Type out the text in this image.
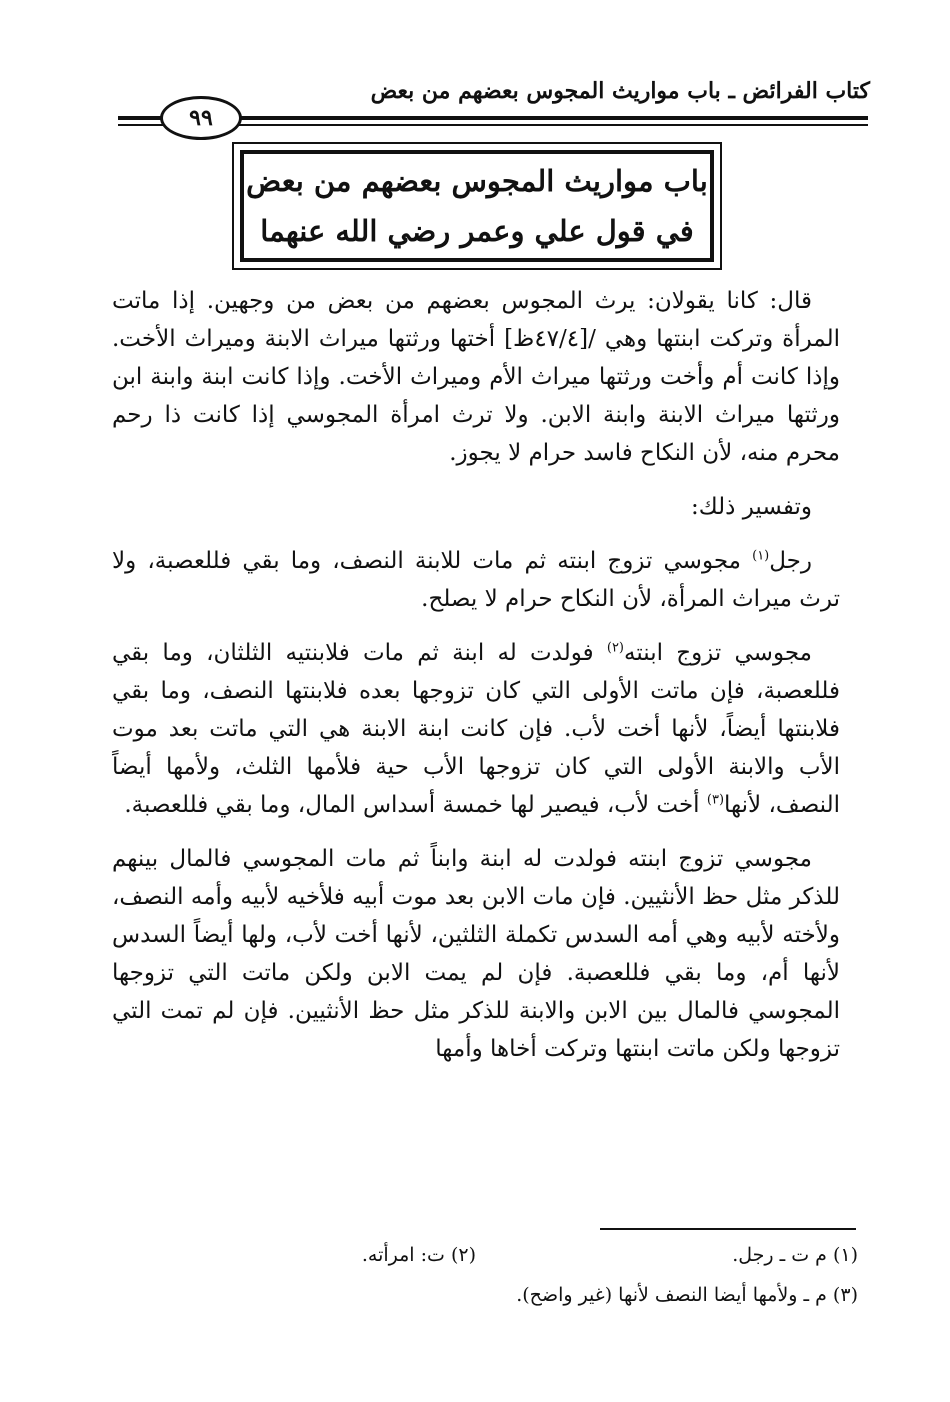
كتاب الفرائض ـ باب مواريث المجوس بعضهم من بعض
٩٩
باب مواريث المجوس بعضهم من بعض
في قول علي وعمر رضي الله عنهما

قال: كانا يقولان: يرث المجوس بعضهم من بعض من وجهين. إذا ماتت المرأة وتركت ابنتها وهي /[٤٧/٤ظ] أختها ورثتها ميراث الابنة وميراث الأخت. وإذا كانت أم وأخت ورثتها ميراث الأم وميراث الأخت. وإذا كانت ابنة وابنة ابن ورثتها ميراث الابنة وابنة الابن. ولا ترث امرأة المجوسي إذا كانت ذا رحم محرم منه، لأن النكاح فاسد حرام لا يجوز.

وتفسير ذلك:

رجل$^{(١)}$ مجوسي تزوج ابنته ثم مات للابنة النصف، وما بقي فللعصبة، ولا ترث ميراث المرأة، لأن النكاح حرام لا يصلح.

مجوسي تزوج ابنته$^{(٢)}$ فولدت له ابنة ثم مات فلابنتيه الثلثان، وما بقي فللعصبة، فإن ماتت الأولى التي كان تزوجها بعده فلابنتها النصف، وما بقي فلابنتها أيضاً، لأنها أخت لأب. فإن كانت ابنة الابنة هي التي ماتت بعد موت الأب والابنة الأولى التي كان تزوجها الأب حية فلأمها الثلث، ولأمها أيضاً النصف، لأنها$^{(٣)}$ أخت لأب، فيصير لها خمسة أسداس المال، وما بقي فللعصبة.

مجوسي تزوج ابنته فولدت له ابنة وابناً ثم مات المجوسي فالمال بينهم للذكر مثل حظ الأنثيين. فإن مات الابن بعد موت أبيه فلأخيه لأبيه وأمه النصف، ولأخته لأبيه وهي أمه السدس تكملة الثلثين، لأنها أخت لأب، ولها أيضاً السدس لأنها أم، وما بقي فللعصبة. فإن لم يمت الابن ولكن ماتت التي تزوجها المجوسي فالمال بين الابن والابنة للذكر مثل حظ الأنثيين. فإن لم تمت التي تزوجها ولكن ماتت ابنتها وتركت أخاها وأمها

(١) م ت ـ رجل.
(٢) ت: امرأته.
(٣) م ـ ولأمها أيضا النصف لأنها (غير واضح).
